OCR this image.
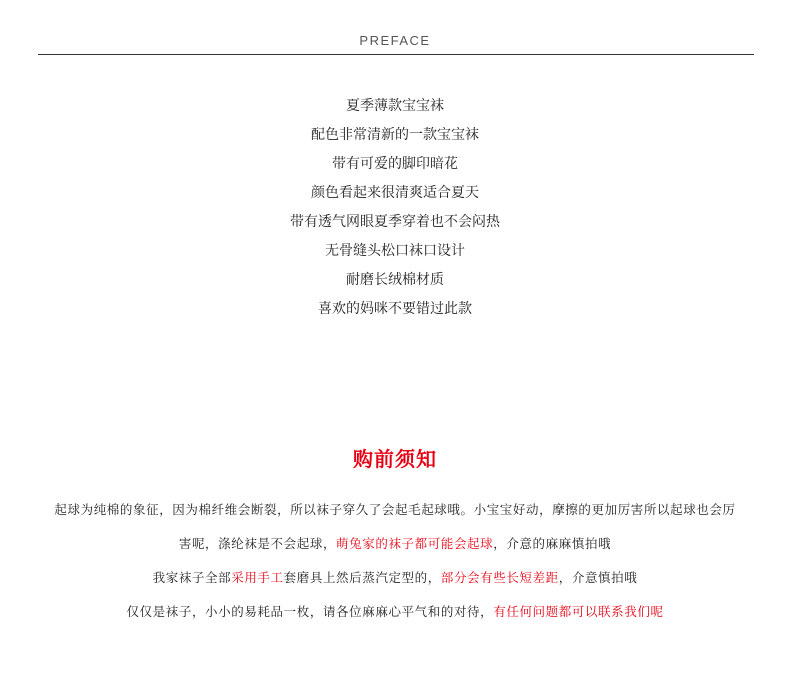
PREFACE
夏季薄款宝宝袜
配色非常清新的一款宝宝袜
带有可爱的脚印暗花
颜色看起来很清爽适合夏天
带有透气网眼夏季穿着也不会闷热
无骨缝头松口袜口设计
耐磨长绒棉材质
喜欢的妈咪不要错过此款
购前须知
起球为纯棉的象征，因为棉纤维会断裂，所以袜子穿久了会起毛起球哦。小宝宝好动，摩擦的更加厉害所以起球也会厉
害呢，涤纶袜是不会起球，萌兔家的袜子都可能会起球，介意的麻麻慎拍哦
我家袜子全部采用手工套磨具上然后蒸汽定型的，部分会有些长短差距，介意慎拍哦
仅仅是袜子，小小的易耗品一枚，请各位麻麻心平气和的对待，有任何问题都可以联系我们呢
